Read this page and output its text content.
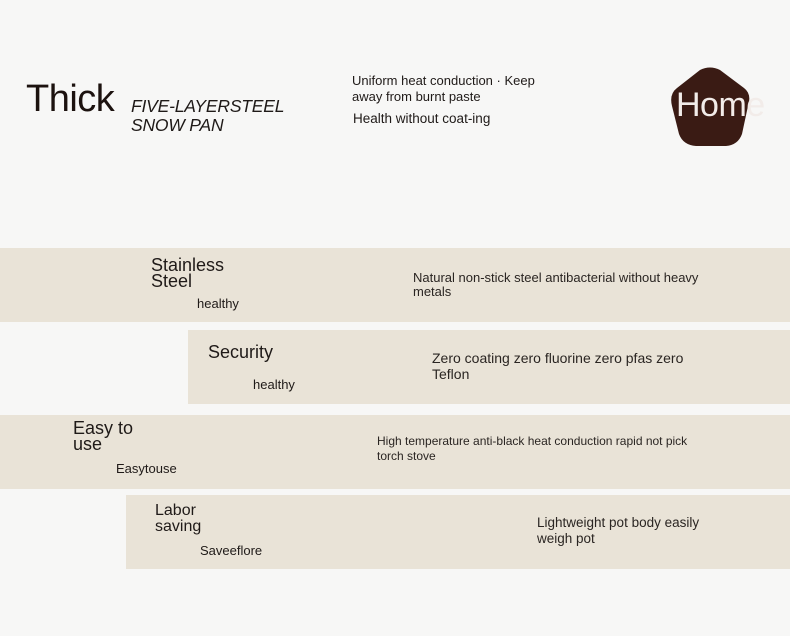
Thick FIVE-LAYERSTEEL
SNOW PAN
Uniform heat conduction · Keep away from burnt paste
Health without coat-ing	Home
Stainless Steel
healthy
Natural non-stick steel antibacterial without heavy metals
Security
healthy
Zero coating zero fluorine zero pfas zero Teflon
Easy to use
Easytouse
High temperature anti-black heat conduction rapid not pick torch stove
Labor saving
Saveeflore
Lightweight pot body easily weigh pot
